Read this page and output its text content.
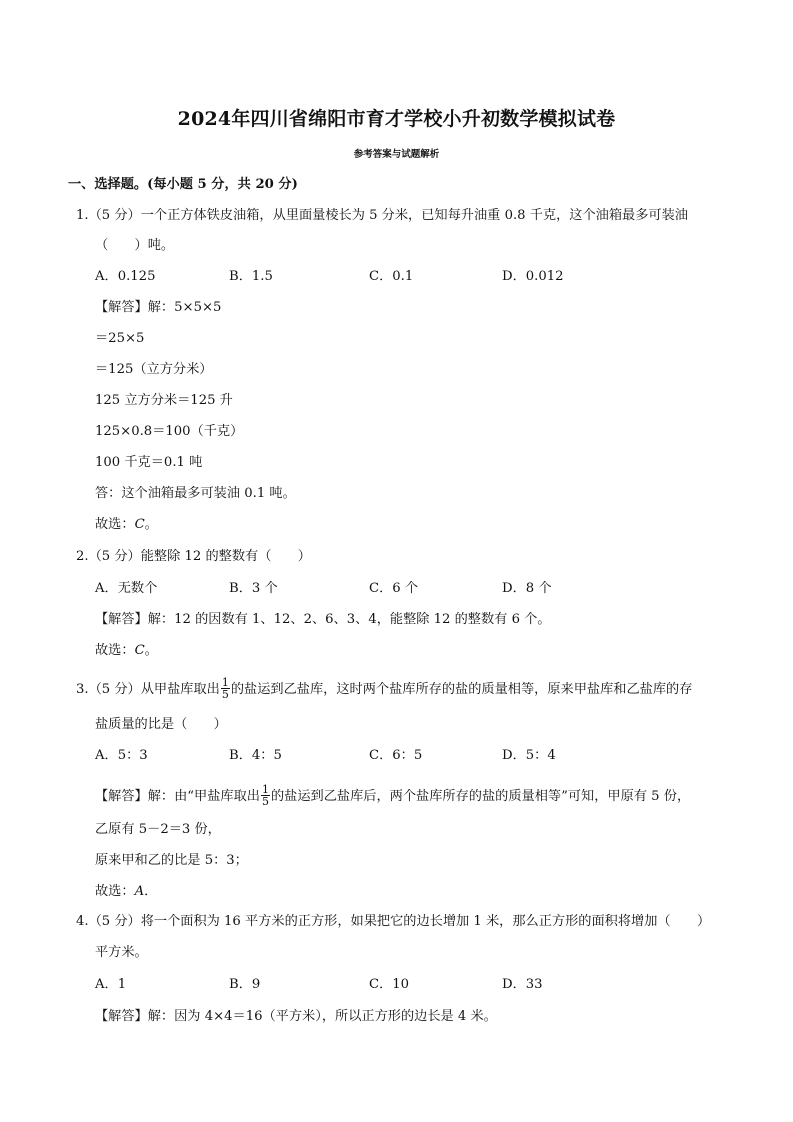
2024年四川省绵阳市育才学校小升初数学模拟试卷
参考答案与试题解析
一、选择题。(每小题 5 分，共 20 分)
1.（5 分）一个正方体铁皮油箱，从里面量棱长为 5 分米，已知每升油重 0.8 千克，这个油箱最多可装油
（　　）吨。
A．0.125	B．1.5	C．0.1	D．0.012
【解答】解：5×5×5
＝25×5
＝125（立方分米）
125 立方分米＝125 升
125×0.8＝100（千克）
100 千克＝0.1 吨
答：这个油箱最多可装油 0.1 吨。
故选：C。
2.（5 分）能整除 12 的整数有（　　）
A．无数个	B．3 个	C．6 个	D．8 个
【解答】解：12 的因数有 1、12、2、6、3、4，能整除 12 的整数有 6 个。
故选：C。
3.（5 分）从甲盐库取出 $\frac{1}{5}$ 的盐运到乙盐库，这时两个盐库所存的盐的质量相等，原来甲盐库和乙盐库的存
盐质量的比是（　　）
A．5：3	B．4：5	C．6：5	D．5：4
【解答】解：由“甲盐库取出 $\frac{1}{5}$ 的盐运到乙盐库后，两个盐库所存的盐的质量相等”可知，甲原有 5 份，
乙原有 5－2＝3 份，
原来甲和乙的比是 5：3；
故选：A．
4.（5 分）将一个面积为 16 平方米的正方形，如果把它的边长增加 1 米，那么正方形的面积将增加（　　）
平方米。
A．1	B．9	C．10	D．33
【解答】解：因为 4×4＝16（平方米），所以正方形的边长是 4 米。
